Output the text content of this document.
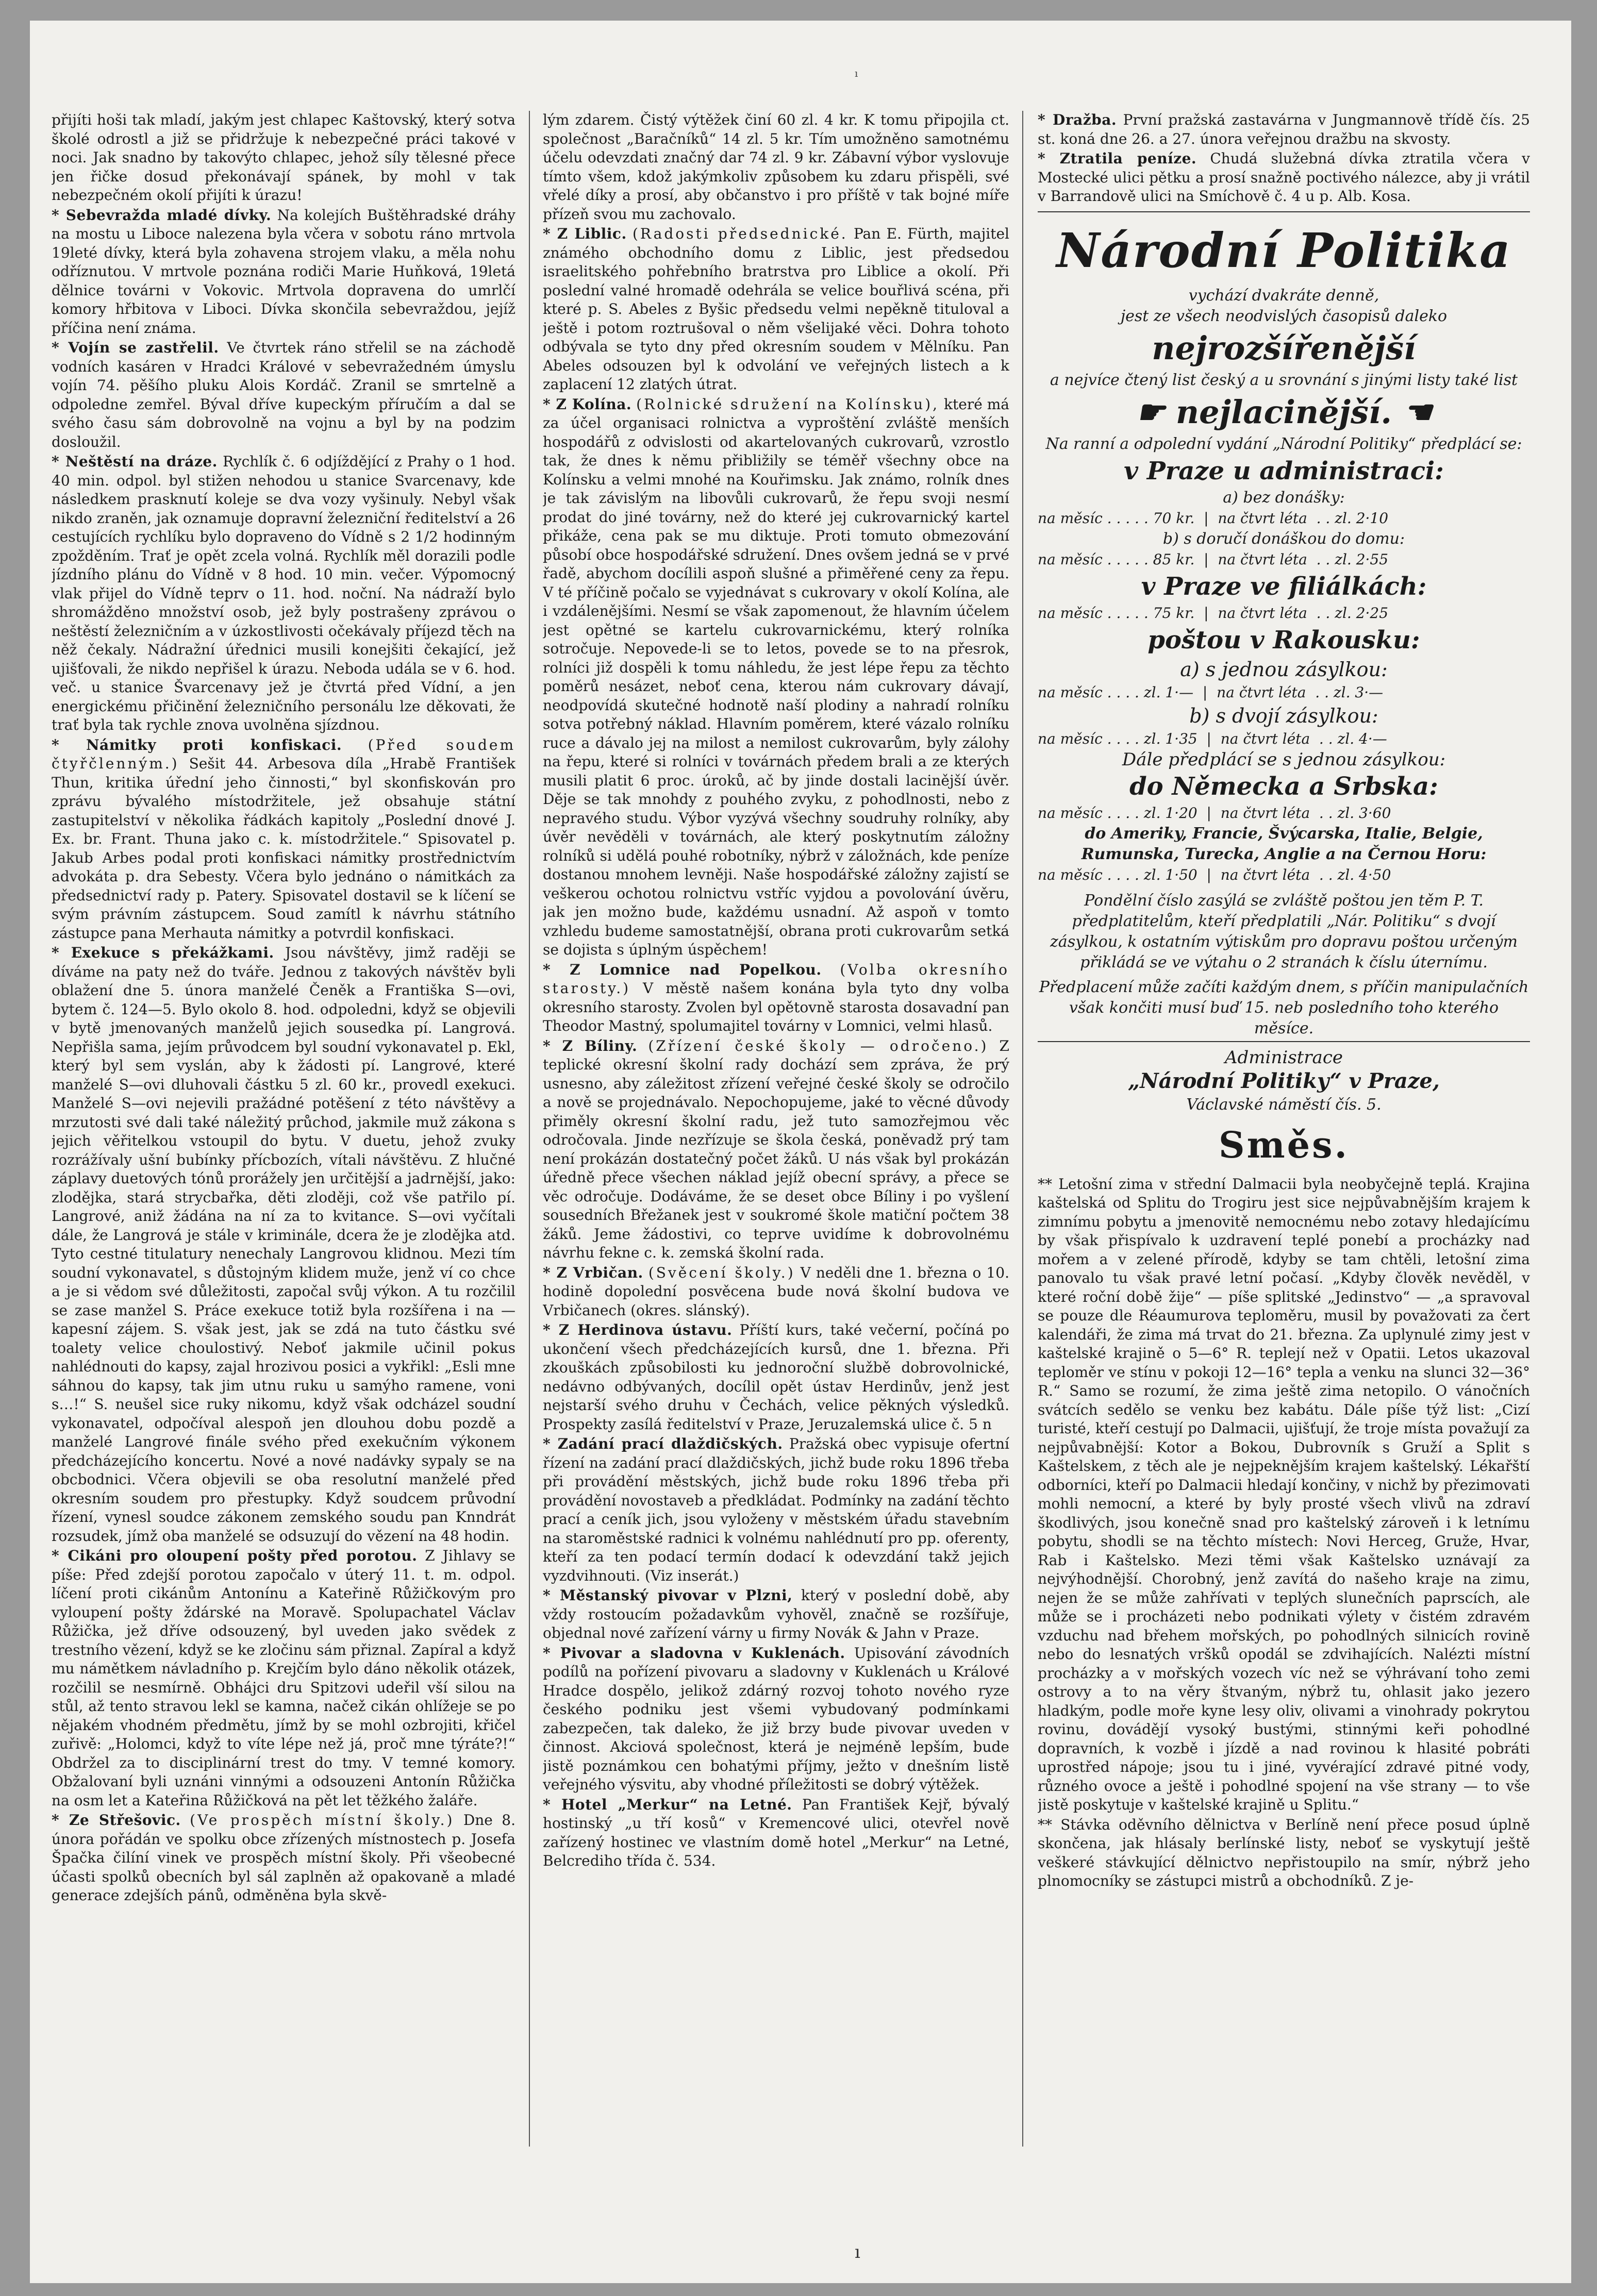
ı

přijíti hoši tak mladí, jakým jest chlapec Kaštovský, který sotva školé odrostl a již se přidržuje k nebezpečné práci takové v noci. Jak snadno by takovýto chlapec, jehož síly tělesné přece jen řičke dosud překonávají spánek, by mohl v tak nebezpečném okolí přijíti k úrazu!

* Sebevražda mladé dívky. Na kolejích Buštěhradské dráhy na mostu u Liboce nalezena byla včera v sobotu ráno mrtvola 19leté dívky, která byla zohavena strojem vlaku, a měla nohu odříznutou. V mrtvole poznána rodiči Marie Huňková, 19letá dělnice továrni v Vokovic. Mrtvola dopravena do umrlčí komory hřbitova v Liboci. Dívka skončila sebevraždou, jejíž příčina není známa.

* Vojín se zastřelil. Ve čtvrtek ráno střelil se na záchodě vodních kasáren v Hradci Králové v sebevražedném úmyslu vojín 74. pěšího pluku Alois Kordáč. Zranil se smrtelně a odpoledne zemřel. Býval dříve kupeckým příručím a dal se svého času sám dobrovolně na vojnu a byl by na podzim dosloužil.

* Neštěstí na dráze. Rychlík č. 6 odjíždějící z Prahy o 1 hod. 40 min. odpol. byl stižen nehodou u stanice Svarcenavy, kde následkem prasknutí koleje se dva vozy vyšinuly. Nebyl však nikdo zraněn, jak oznamuje dopravní železniční ředitelství a 26 cestujících rychlíku bylo dopraveno do Vídně s 2 1/2 hodinným zpožděním. Trať je opět zcela volná. Rychlík měl dorazili podle jízdního plánu do Vídně v 8 hod. 10 min. večer. Výpomocný vlak přijel do Vídně teprv o 11. hod. noční. Na nádraží bylo shromážděno množství osob, jež byly postrašeny zprávou o neštěstí železničním a v úzkostlivosti očekávaly příjezd těch na něž čekaly. Nádražní úřednici musili konejšiti čekající, jež ujišťovali, že nikdo nepřišel k úrazu. Neboda udála se v 6. hod. več. u stanice Švarcenavy jež je čtvrtá před Vídní, a jen energickému přičinění železničního personálu lze děkovati, že trať byla tak rychle znova uvolněna sjízdnou.

* Námitky proti konfiskaci. (Před soudem čtyřčlenným.) Sešit 44. Arbesova díla „Hrabě František Thun, kritika úřední jeho činnosti,“ byl skonfiskován pro zprávu bývalého místodržitele, jež obsahuje státní zastupitelství v několika řádkách kapitoly „Poslední dnové J. Ex. br. Frant. Thuna jako c. k. místodržitele.“ Spisovatel p. Jakub Arbes podal proti konfiskaci námitky prostřednictvím advokáta p. dra Sebesty. Včera bylo jednáno o námitkách za předsednictví rady p. Patery. Spisovatel dostavil se k líčení se svým právním zástupcem. Soud zamítl k návrhu státního zástupce pana Merhauta námitky a potvrdil konfiskaci.

* Exekuce s překážkami. Jsou návštěvy, jimž raději se díváme na paty než do tváře. Jednou z takových návštěv byli oblažení dne 5. února manželé Čeněk a Františka S—ovi, bytem č. 124—5. Bylo okolo 8. hod. odpoledni, když se objevili v bytě jmenovaných manželů jejich sousedka pí. Langrová. Nepřišla sama, jejím průvodcem byl soudní vykonavatel p. Ekl, který byl sem vyslán, aby k žádosti pí. Langrové, které manželé S—ovi dluhovali částku 5 zl. 60 kr., provedl exekuci. Manželé S—ovi nejevili pražádné potěšení z této návštěvy a mrzutosti své dali také náležitý průchod, jakmile muž zákona s jejich věřitelkou vstoupil do bytu. V duetu, jehož zvuky rozrážívaly ušní bubínky přícbozích, vítali návštěvu. Z hlučné záplavy duetových tónů prorážely jen určitější a jadrnější, jako: zlodějka, stará strycbařka, děti zloději, což vše patřilo pí. Langrové, aniž žádána na ní za to kvitance. S—ovi vyčítali dále, že Langrová je stále v kriminále, dcera že je zlodějka atd. Tyto cestné titulatury nenechaly Langrovou klidnou. Mezi tím soudní vykonavatel, s důstojným klidem muže, jenž ví co chce a je si vědom své důležitosti, započal svůj výkon. A tu rozčilil se zase manžel S. Práce exekuce totiž byla rozšířena i na — kapesní zájem. S. však jest, jak se zdá na tuto částku své toalety velice choulostivý. Neboť jakmile učinil pokus nahlédnouti do kapsy, zajal hrozivou posici a vykřikl: „Esli mne sáhnou do kapsy, tak jim utnu ruku u samýho ramene, voni s…!“ S. neušel sice ruky nikomu, když však odcházel soudní vykonavatel, odpočíval alespoň jen dlouhou dobu pozdě a manželé Langrové finále svého před exekučním výkonem předcházejícího koncertu. Nové a nové nadávky sypaly se na obcbodnici. Včera objevili se oba resolutní manželé před okresním soudem pro přestupky. Když soudcem průvodní řízení, vynesl soudce zákonem zemského soudu pan Knndrát rozsudek, jímž oba manželé se odsuzují do vězení na 48 hodin.

* Cikáni pro oloupení pošty před porotou. Z Jihlavy se píše: Před zdejší porotou započalo v úterý 11. t. m. odpol. líčení proti cikánům Antonínu a Kateřině Růžičkovým pro vyloupení pošty ždárské na Moravě. Spolupachatel Václav Růžička, jež dříve odsouzený, byl uveden jako svědek z trestního vězení, když se ke zločinu sám přiznal. Zapíral a když mu námětkem návladního p. Krejčím bylo dáno několik otázek, rozčilil se nesmírně. Obhájci dru Spitzovi udeřil vší silou na stůl, až tento stravou lekl se kamna, načež cikán ohlížeje se po nějakém vhodném předmětu, jímž by se mohl ozbrojiti, křičel zuřivě: „Holomci, když to víte lépe než já, proč mne týráte?!“ Obdržel za to disciplinární trest do tmy. V temné komory. Obžalovaní byli uznáni vinnými a odsouzeni Antonín Růžička na osm let a Kateřina Růžičková na pět let těžkého žaláře.

* Ze Střešovic. (Ve prospěch místní školy.) Dne 8. února pořádán ve spolku obce zřízených místnostech p. Josefa Špačka čilíní vinek ve prospěch místní školy. Při všeobecné účasti spolků obecních byl sál zaplněn až opakovaně a mladé generace zdejších pánů, odměněna byla skvě-

lým zdarem. Čistý výtěžek činí 60 zl. 4 kr. K tomu připojila ct. společnost „Baračníků“ 14 zl. 5 kr. Tím umožněno samotnému účelu odevzdati značný dar 74 zl. 9 kr. Zábavní výbor vyslovuje tímto všem, kdož jakýmkoliv způsobem ku zdaru přispěli, své vřelé díky a prosí, aby občanstvo i pro příště v tak bojné míře přízeň svou mu zachovalo.

* Z Liblic. (Radosti předsednické. Pan E. Fürth, majitel známého obchodního domu z Liblic, jest předsedou israelitského pohřebního bratrstva pro Liblice a okolí. Při poslední valné hromadě odehrála se velice bouřlivá scéna, při které p. S. Abeles z Byšic předsedu velmi nepěkně tituloval a ještě i potom roztrušoval o něm všelijaké věci. Dohra tohoto odbývala se tyto dny před okresním soudem v Mělníku. Pan Abeles odsouzen byl k odvolání ve veřejných listech a k zaplacení 12 zlatých útrat.

* Z Kolína. (Rolnické sdružení na Kolínsku), které má za účel organisaci rolnictva a vyproštění zvláště menších hospodářů z odvislosti od akartelovaných cukrovarů, vzrostlo tak, že dnes k němu přibližily se téměř všechny obce na Kolínsku a velmi mnohé na Kouřimsku. Jak známo, rolník dnes je tak závislým na libovůli cukrovarů, že řepu svoji nesmí prodat do jiné továrny, než do které jej cukrovarnický kartel přikáže, cena pak se mu diktuje. Proti tomuto obmezování působí obce hospodářské sdružení. Dnes ovšem jedná se v prvé řadě, abychom docílili aspoň slušné a přiměřené ceny za řepu. V té příčině počalo se vyjednávat s cukrovary v okolí Kolína, ale i vzdálenějšími. Nesmí se však zapomenout, že hlavním účelem jest opětné se kartelu cukrovarnickému, který rolníka sotročuje. Nepovede-li se to letos, povede se to na přesrok, rolníci již dospěli k tomu náhledu, že jest lépe řepu za těchto poměrů nesázet, neboť cena, kterou nám cukrovary dávají, neodpovídá skutečné hodnotě naší plodiny a nahradí rolníku sotva potřebný náklad. Hlavním poměrem, které vázalo rolníku ruce a dávalo jej na milost a nemilost cukrovarům, byly zálohy na řepu, které si rolníci v továrnách předem brali a ze kterých musili platit 6 proc. úroků, ač by jinde dostali lacinější úvěr. Děje se tak mnohdy z pouhého zvyku, z pohodlnosti, nebo z nepravého studu. Výbor vyzývá všechny soudruhy rolníky, aby úvěr nevěděli v továrnách, ale který poskytnutím záložny rolníků si udělá pouhé robotníky, nýbrž v záložnách, kde peníze dostanou mnohem levněji. Naše hospodářské záložny zajistí se veškerou ochotou rolnictvu vstříc vyjdou a povolování úvěru, jak jen možno bude, každému usnadní. Až aspoň v tomto vzhledu budeme samostatnější, obrana proti cukrovarům setká se dojista s úplným úspěchem!

* Z Lomnice nad Popelkou. (Volba okresního starosty.) V městě našem konána byla tyto dny volba okresního starosty. Zvolen byl opětovně starosta dosavadní pan Theodor Mastný, spolumajitel továrny v Lomnici, velmi hlasů.

* Z Bíliny. (Zřízení české školy — odročeno.) Z teplické okresní školní rady dochází sem zpráva, že prý usnesno, aby záležitost zřízení veřejné české školy se odročilo a nově se projednávalo. Nepochopujeme, jaké to věcné důvody přiměly okresní školní radu, jež tuto samozřejmou věc odročovala. Jinde nezřízuje se škola česká, poněvadž prý tam není prokázán dostatečný počet žáků. U nás však byl prokázán úředně přece všechen náklad jejíž obecní správy, a přece se věc odročuje. Dodáváme, že se deset obce Bíliny i po vyšlení sousedních Břežanek jest v soukromé škole matiční počtem 38 žáků. Jeme žádostivi, co teprve uvidíme k dobrovolnému návrhu fekne c. k. zemská školní rada.

* Z Vrbičan. (Svěcení školy.) V neděli dne 1. března o 10. hodině dopolední posvěcena bude nová školní budova ve Vrbičanech (okres. slánský).

* Z Herdinova ústavu. Příští kurs, také večerní, počíná po ukončení všech předcházejících kursů, dne 1. března. Při zkouškách způsobilosti ku jednoroční službě dobrovolnické, nedávno odbývaných, docílil opět ústav Herdinův, jenž jest nejstarší svého druhu v Čechách, velice pěkných výsledků. Prospekty zasílá ředitelství v Praze, Jeruzalemská ulice č. 5 n

* Zadání prací dlaždičských. Pražská obec vypisuje ofertní řízení na zadání prací dlaždičských, jichž bude roku 1896 třeba při provádění městských, jichž bude roku 1896 třeba při provádění novostaveb a předkládat. Podmínky na zadání těchto prací a ceník jich, jsou vyloženy v městském úřadu stavebním na staroměstské radnici k volnému nahlédnutí pro pp. oferenty, kteří za ten podací termín dodací k odevzdání takž jejich vyzdvihnouti. (Viz inserát.)

* Městanský pivovar v Plzni, který v poslední době, aby vždy rostoucím požadavkům vyhověl, značně se rozšířuje, objednal nové zařízení várny u firmy Novák & Jahn v Praze.

* Pivovar a sladovna v Kuklenách. Upisování závodních podílů na pořízení pivovaru a sladovny v Kuklenách u Králové Hradce dospělo, jelikož zdárný rozvoj tohoto nového ryze českého podniku jest všemi vybudovaný podmínkami zabezpečen, tak daleko, že již brzy bude pivovar uveden v činnost. Akciová společnost, která je nejméně lepším, bude jistě poznámkou cen bohatými příjmy, ježto v dnešním listě veřejného výsvitu, aby vhodné příležitosti se dobrý výtěžek.

* Hotel „Merkur“ na Letné. Pan František Kejř, bývalý hostinský „u tří kosů“ v Kremencové ulici, otevřel nově zařízený hostinec ve vlastním domě hotel „Merkur“ na Letné, Belcrediho třída č. 534.

* Dražba. První pražská zastavárna v Jungmannově třídě čís. 25 st. koná dne 26. a 27. února veřejnou dražbu na skvosty.

* Ztratila peníze. Chudá služebná dívka ztratila včera v Mostecké ulici pětku a prosí snažně poctivého nálezce, aby ji vrátil v Barrandově ulici na Smíchově č. 4 u p. Alb. Kosa.

Národní Politika
vychází dvakráte denně,
jest ze všech neodvislých časopisů daleko
nejrozšířenější
a nejvíce čtený list český a u srovnání s jinými listy také list
☛ nejlacinější. ☚
Na ranní a odpolední vydání „Národní Politiky“ předplácí se:
v Praze u administraci:
a) bez donášky:
na měsíc . . . . . 70 kr.  |  na čtvrt léta  . . zl. 2·10
b) s doručí donáškou do domu:
na měsíc . . . . . 85 kr.  |  na čtvrt léta  . . zl. 2·55
v Praze ve filiálkách:
na měsíc . . . . . 75 kr.  |  na čtvrt léta  . . zl. 2·25
poštou v Rakousku:
a) s jednou zásylkou:
na měsíc . . . . zl. 1·—  |  na čtvrt léta  . . zl. 3·—
b) s dvojí zásylkou:
na měsíc . . . . zl. 1·35  |  na čtvrt léta  . . zl. 4·—
Dále předplácí se s jednou zásylkou:
do Německa a Srbska:
na měsíc . . . . zl. 1·20  |  na čtvrt léta  . . zl. 3·60
do Ameriky, Francie, Švýcarska, Italie, Belgie, Rumunska, Turecka, Anglie a na Černou Horu:
na měsíc . . . . zl. 1·50  |  na čtvrt léta  . . zl. 4·50
Pondělní číslo zasýlá se zvláště poštou jen těm P. T. předplatitelům, kteří předplatili „Nár. Politiku“ s dvojí zásylkou, k ostatním výtiskům pro dopravu poštou určeným přikládá se ve výtahu o 2 stranách k číslu úternímu.
Předplacení může začíti každým dnem, s příčin manipulačních však končiti musí buď 15. neb posledního toho kterého měsíce.
Administrace
„Národní Politiky“ v Praze,
Václavské náměstí čís. 5.
Směs.

** Letošní zima v střední Dalmacii byla neobyčejně teplá. Krajina kaštelská od Splitu do Trogiru jest sice nejpůvabnějším krajem k zimnímu pobytu a jmenovitě nemocnému nebo zotavy hledajícímu by však přispívalo k uzdravení teplé ponebí a procházky nad mořem a v zelené přírodě, kdyby se tam chtěli, letošní zima panovalo tu však pravé letní počasí. „Kdyby člověk nevěděl, v které roční době žije“ — píše splitské „Jedinstvo“ — „a spravoval se pouze dle Réaumurova teploměru, musil by považovati za čert kalendáři, že zima má trvat do 21. března. Za uplynulé zimy jest v kaštelské krajině o 5—6° R. teplejí než v Opatii. Letos ukazoval teploměr ve stínu v pokoji 12—16° tepla a venku na slunci 32—36° R.“ Samo se rozumí, že zima ještě zima netopilo. O vánočních svátcích sedělo se venku bez kabátu. Dále píše týž list: „Cizí turisté, kteří cestují po Dalmacii, ujišťují, že troje místa považují za nejpůvabnější: Kotor a Bokou, Dubrovník s Gruží a Split s Kaštelskem, z těch ale je nejpeknějším krajem kaštelský. Lékařští odborníci, kteří po Dalmacii hledají končiny, v nichž by přezimovati mohli nemocní, a které by byly prosté všech vlivů na zdraví škodlivých, jsou konečně snad pro kaštelský zároveň i k letnímu pobytu, shodli se na těchto místech: Novi Herceg, Gruže, Hvar, Rab i Kaštelsko. Mezi těmi však Kaštelsko uznávají za nejvýhodnější. Chorobný, jenž zavítá do našeho kraje na zimu, nejen že se může zahřívati v teplých slunečních paprscích, ale může se i procházeti nebo podnikati výlety v čistém zdravém vzduchu nad břehem mořských, po pohodlných silnicích rovině nebo do lesnatých vršků opodál se zdvihajících. Nalézti místní procházky a v mořských vozech víc než se výhrávaní toho zemi ostrovy a to na věry štvaným, nýbrž tu, ohlasit jako jezero hladkým, podle moře kyne lesy oliv, olivami a vinohrady pokrytou rovinu, dovádějí vysoký bustými, stinnými keři pohodlné dopravních, k vozbě i jízdě a nad rovinou k hlasité pobráti uprostřed nápoje; jsou tu i jiné, vyvérající zdravé pitné vody, různého ovoce a ještě i pohodlné spojení na vše strany — to vše jistě poskytuje v kaštelské krajině u Splitu.“

** Stávka oděvního dělnictva v Berlíně není přece posud úplně skončena, jak hlásaly berlínské listy, neboť se vyskytují ještě veškeré stávkující dělnictvo nepřistoupilo na smír, nýbrž jeho plnomocníky se zástupci mistrů a obchodníků. Z je-

ı
